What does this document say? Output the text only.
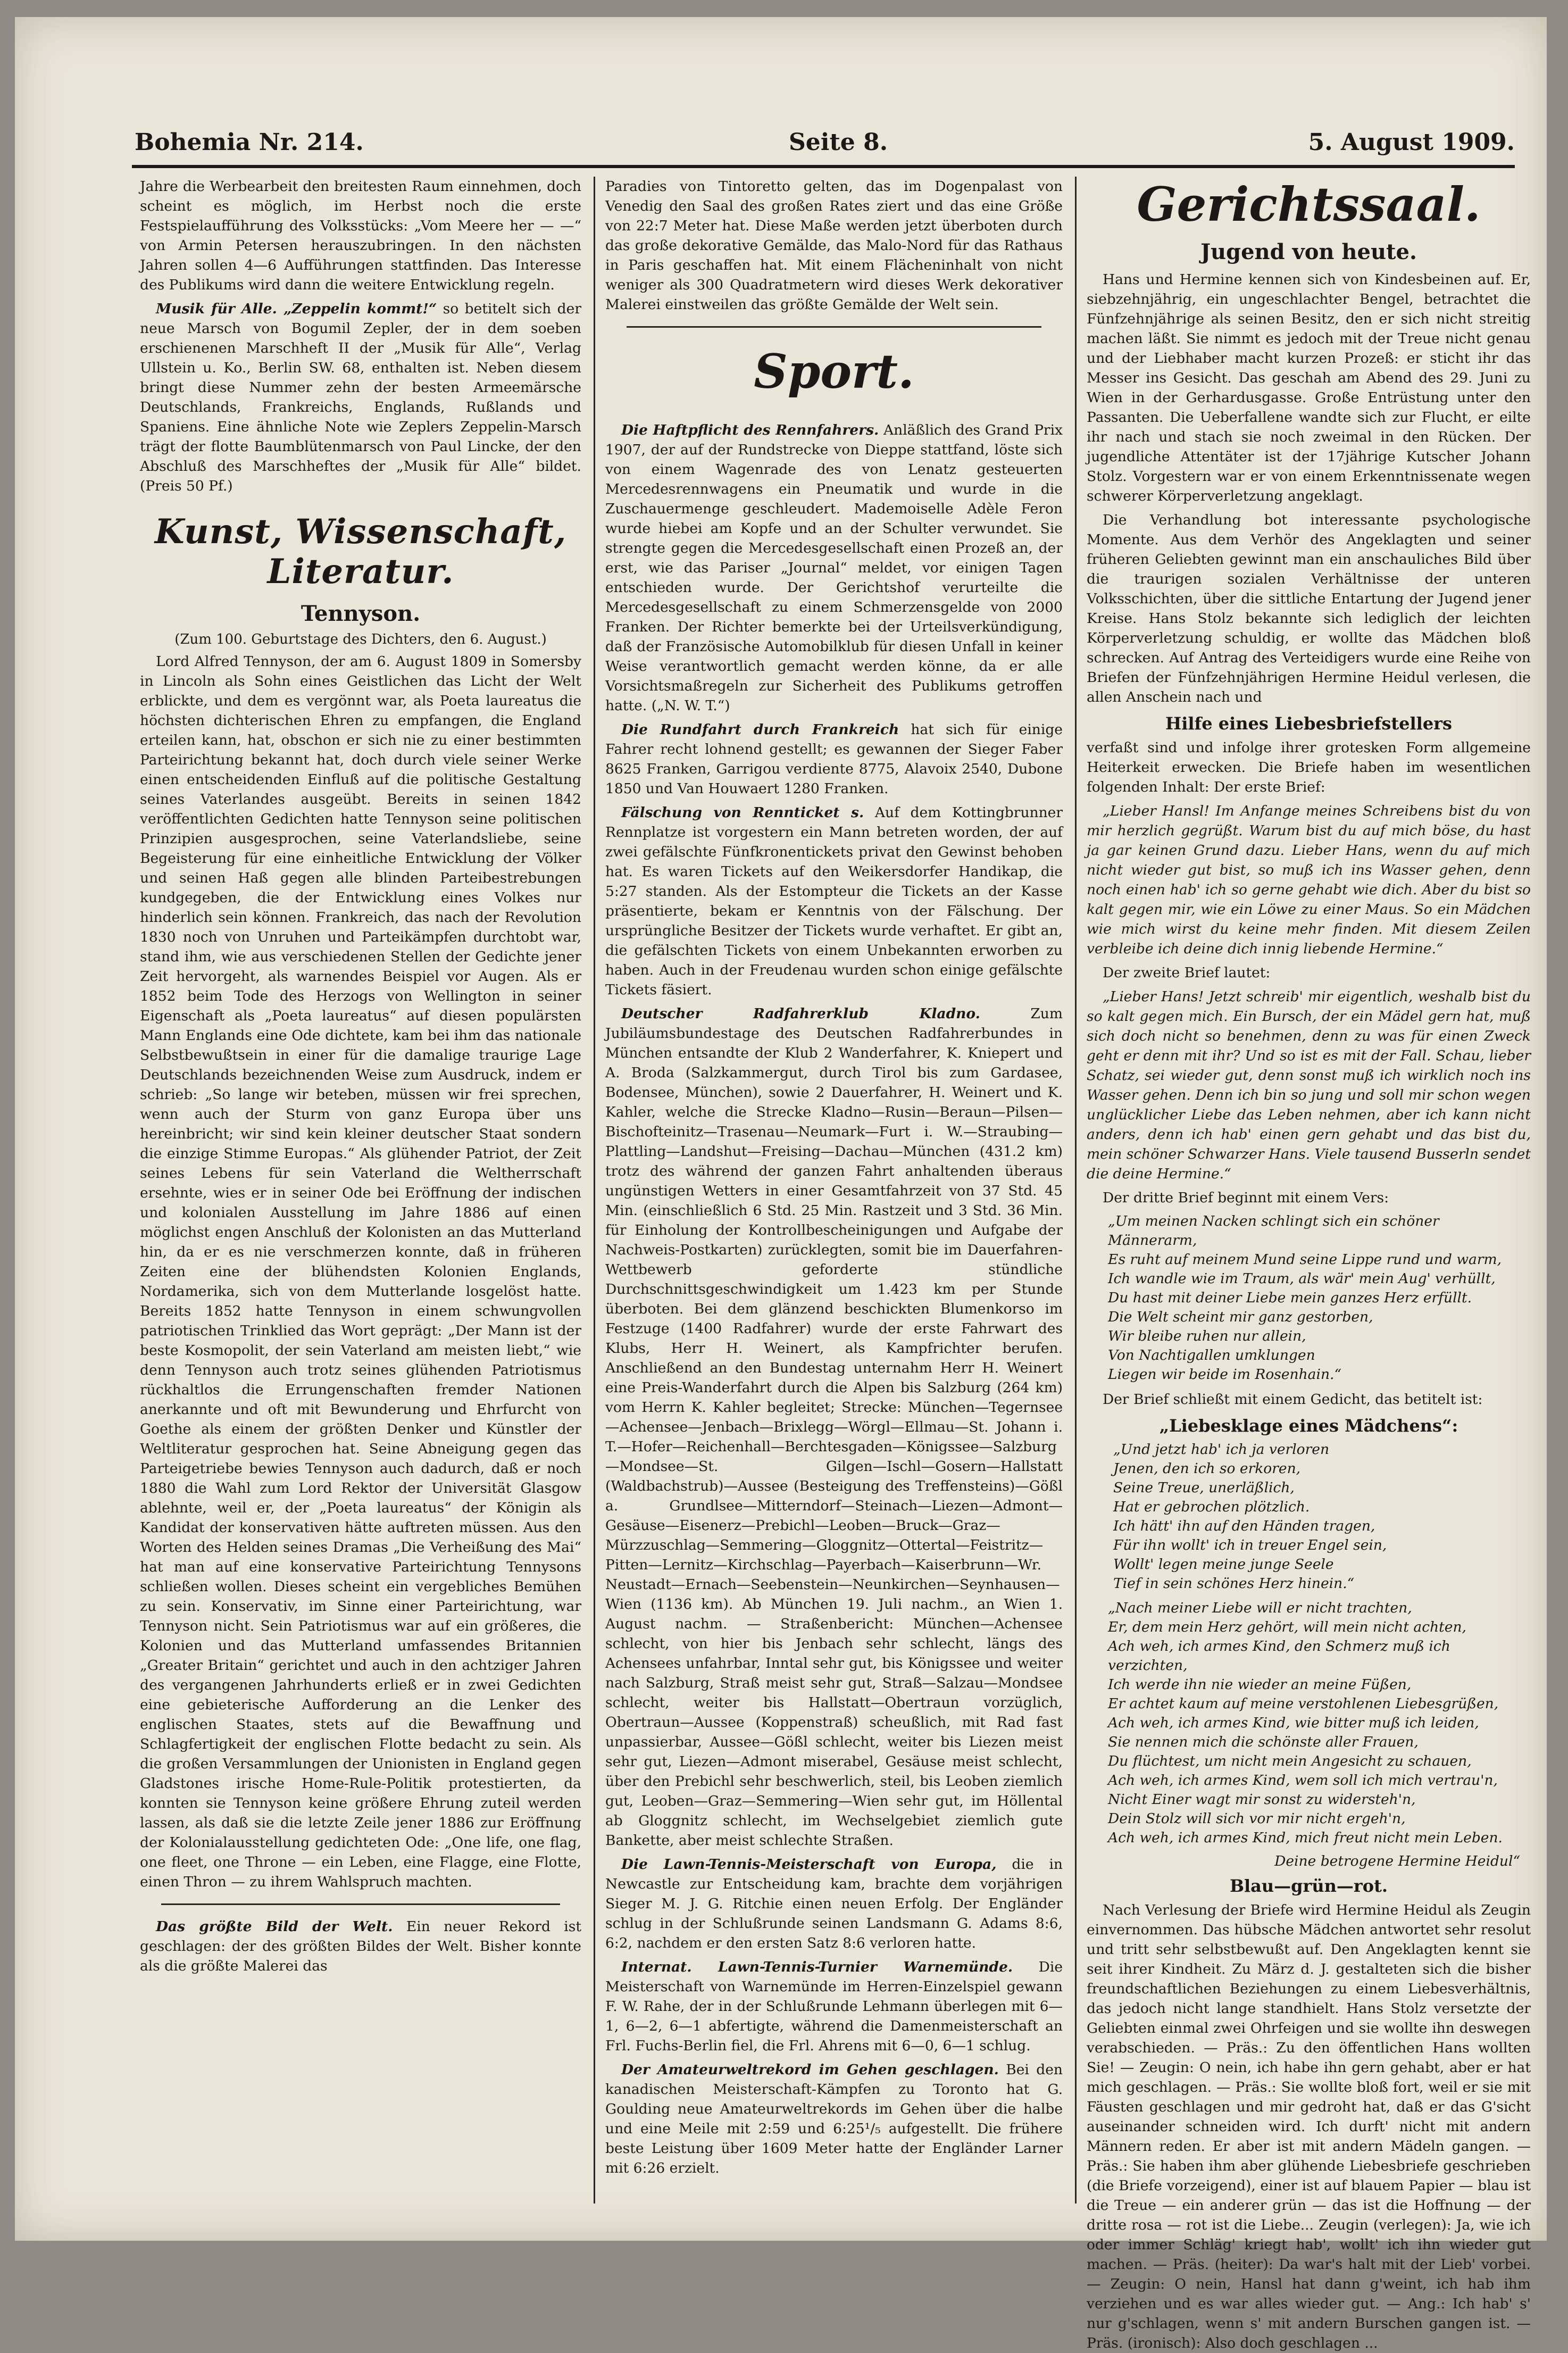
Bohemia Nr. 214.	Seite 8.	5. August 1909.

Jahre die Werbearbeit den breitesten Raum einnehmen, doch scheint es möglich, im Herbst noch die erste Festspielaufführung des Volksstücks: „Vom Meere her — —“ von Armin Petersen herauszubringen. In den nächsten Jahren sollen 4—6 Aufführungen stattfinden. Das Interesse des Publikums wird dann die weitere Entwicklung regeln.

Musik für Alle. „Zeppelin kommt!“ so betitelt sich der neue Marsch von Bogumil Zepler, der in dem soeben erschienenen Marschheft II der „Musik für Alle“, Verlag Ullstein u. Ko., Berlin SW. 68, enthalten ist. Neben diesem bringt diese Nummer zehn der besten Armeemärsche Deutschlands, Frankreichs, Englands, Rußlands und Spaniens. Eine ähnliche Note wie Zeplers Zeppelin-Marsch trägt der flotte Baumblütenmarsch von Paul Lincke, der den Abschluß des Marschheftes der „Musik für Alle“ bildet. (Preis 50 Pf.)

Kunst, Wissenschaft, Literatur.
Tennyson.
(Zum 100. Geburtstage des Dichters, den 6. August.)

Lord Alfred Tennyson, der am 6. August 1809 in Somersby in Lincoln als Sohn eines Geistlichen das Licht der Welt erblickte, und dem es vergönnt war, als Poeta laureatus die höchsten dichterischen Ehren zu empfangen, die England erteilen kann, hat, obschon er sich nie zu einer bestimmten Parteirichtung bekannt hat, doch durch viele seiner Werke einen entscheidenden Einfluß auf die politische Gestaltung seines Vaterlandes ausgeübt. Bereits in seinen 1842 veröffentlichten Gedichten hatte Tennyson seine politischen Prinzipien ausgesprochen, seine Vaterlandsliebe, seine Begeisterung für eine einheitliche Entwicklung der Völker und seinen Haß gegen alle blinden Parteibestrebungen kundgegeben, die der Entwicklung eines Volkes nur hinderlich sein können. Frankreich, das nach der Revolution 1830 noch von Unruhen und Parteikämpfen durchtobt war, stand ihm, wie aus verschiedenen Stellen der Gedichte jener Zeit hervorgeht, als warnendes Beispiel vor Augen. Als er 1852 beim Tode des Herzogs von Wellington in seiner Eigenschaft als „Poeta laureatus“ auf diesen populärsten Mann Englands eine Ode dichtete, kam bei ihm das nationale Selbstbewußtsein in einer für die damalige traurige Lage Deutschlands bezeichnenden Weise zum Ausdruck, indem er schrieb: „So lange wir beteben, müssen wir frei sprechen, wenn auch der Sturm von ganz Europa über uns hereinbricht; wir sind kein kleiner deutscher Staat sondern die einzige Stimme Europas.“ Als glühender Patriot, der Zeit seines Lebens für sein Vaterland die Weltherrschaft ersehnte, wies er in seiner Ode bei Eröffnung der indischen und kolonialen Ausstellung im Jahre 1886 auf einen möglichst engen Anschluß der Kolonisten an das Mutterland hin, da er es nie verschmerzen konnte, daß in früheren Zeiten eine der blühendsten Kolonien Englands, Nordamerika, sich von dem Mutterlande losgelöst hatte. Bereits 1852 hatte Tennyson in einem schwungvollen patriotischen Trinklied das Wort geprägt: „Der Mann ist der beste Kosmopolit, der sein Vaterland am meisten liebt,“ wie denn Tennyson auch trotz seines glühenden Patriotismus rückhaltlos die Errungenschaften fremder Nationen anerkannte und oft mit Bewunderung und Ehrfurcht von Goethe als einem der größten Denker und Künstler der Weltliteratur gesprochen hat. Seine Abneigung gegen das Parteigetriebe bewies Tennyson auch dadurch, daß er noch 1880 die Wahl zum Lord Rektor der Universität Glasgow ablehnte, weil er, der „Poeta laureatus“ der Königin als Kandidat der konservativen hätte auftreten müssen. Aus den Worten des Helden seines Dramas „Die Verheißung des Mai“ hat man auf eine konservative Parteirichtung Tennysons schließen wollen. Dieses scheint ein vergebliches Bemühen zu sein. Konservativ, im Sinne einer Parteirichtung, war Tennyson nicht. Sein Patriotismus war auf ein größeres, die Kolonien und das Mutterland umfassendes Britannien „Greater Britain“ gerichtet und auch in den achtziger Jahren des vergangenen Jahrhunderts erließ er in zwei Gedichten eine gebieterische Aufforderung an die Lenker des englischen Staates, stets auf die Bewaffnung und Schlagfertigkeit der englischen Flotte bedacht zu sein. Als die großen Versammlungen der Unionisten in England gegen Gladstones irische Home-Rule-Politik protestierten, da konnten sie Tennyson keine größere Ehrung zuteil werden lassen, als daß sie die letzte Zeile jener 1886 zur Eröffnung der Kolonialausstellung gedichteten Ode: „One life, one flag, one fleet, one Throne — ein Leben, eine Flagge, eine Flotte, einen Thron — zu ihrem Wahlspruch machten.

Das größte Bild der Welt. Ein neuer Rekord ist geschlagen: der des größten Bildes der Welt. Bisher konnte als die größte Malerei das

Paradies von Tintoretto gelten, das im Dogenpalast von Venedig den Saal des großen Rates ziert und das eine Größe von 22:7 Meter hat. Diese Maße werden jetzt überboten durch das große dekorative Gemälde, das Malo-Nord für das Rathaus in Paris geschaffen hat. Mit einem Flächeninhalt von nicht weniger als 300 Quadratmetern wird dieses Werk dekorativer Malerei einstweilen das größte Gemälde der Welt sein.

Sport.

Die Haftpflicht des Rennfahrers. Anläßlich des Grand Prix 1907, der auf der Rundstrecke von Dieppe stattfand, löste sich von einem Wagenrade des von Lenatz gesteuerten Mercedesrennwagens ein Pneumatik und wurde in die Zuschauermenge geschleudert. Mademoiselle Adèle Feron wurde hiebei am Kopfe und an der Schulter verwundet. Sie strengte gegen die Mercedesgesellschaft einen Prozeß an, der erst, wie das Pariser „Journal“ meldet, vor einigen Tagen entschieden wurde. Der Gerichtshof verurteilte die Mercedesgesellschaft zu einem Schmerzensgelde von 2000 Franken. Der Richter bemerkte bei der Urteilsverkündigung, daß der Französische Automobilklub für diesen Unfall in keiner Weise verantwortlich gemacht werden könne, da er alle Vorsichtsmaßregeln zur Sicherheit des Publikums getroffen hatte. („N. W. T.“)

Die Rundfahrt durch Frankreich hat sich für einige Fahrer recht lohnend gestellt; es gewannen der Sieger Faber 8625 Franken, Garrigou verdiente 8775, Alavoix 2540, Dubone 1850 und Van Houwaert 1280 Franken.

Fälschung von Rennticket s. Auf dem Kottingbrunner Rennplatze ist vorgestern ein Mann betreten worden, der auf zwei gefälschte Fünfkronentickets privat den Gewinst behoben hat. Es waren Tickets auf den Weikersdorfer Handikap, die 5:27 standen. Als der Estompteur die Tickets an der Kasse präsentierte, bekam er Kenntnis von der Fälschung. Der ursprüngliche Besitzer der Tickets wurde verhaftet. Er gibt an, die gefälschten Tickets von einem Unbekannten erworben zu haben. Auch in der Freudenau wurden schon einige gefälschte Tickets fäsiert.

Deutscher Radfahrerklub Kladno.	Zum Jubiläumsbundestage des Deutschen Radfahrerbundes in München entsandte der Klub 2 Wanderfahrer, K. Kniepert und A. Broda (Salzkammergut, durch Tirol bis zum Gardasee, Bodensee, München), sowie 2 Dauerfahrer, H. Weinert und K. Kahler, welche die Strecke Kladno—Rusin—Beraun—Pilsen—Bischofteinitz—Trasenau—Neumark—Furt i. W.—Straubing—Plattling—Landshut—Freising—Dachau—München (431.2 km) trotz des während der ganzen Fahrt anhaltenden überaus ungünstigen Wetters in einer Gesamtfahrzeit von 37 Std. 45 Min. (einschließlich 6 Std. 25 Min. Rastzeit und 3 Std. 36 Min. für Einholung der Kontrollbescheinigungen und Aufgabe der Nachweis-Postkarten) zurücklegten, somit bie im Dauerfahren-Wettbewerb geforderte stündliche Durchschnittsgeschwindigkeit um 1.423 km per Stunde überboten. Bei dem glänzend beschickten Blumenkorso im Festzuge (1400 Radfahrer) wurde der erste Fahrwart des Klubs, Herr H. Weinert, als Kampfrichter berufen. Anschließend an den Bundestag unternahm Herr H. Weinert eine Preis-Wanderfahrt durch die Alpen bis Salzburg (264 km) vom Herrn K. Kahler begleitet; Strecke: München—Tegernsee—Achensee—Jenbach—Brixlegg—Wörgl—Ellmau—St. Johann i. T.—Hofer—Reichenhall—Berchtesgaden—Königssee—Salzburg—Mondsee—St. Gilgen—Ischl—Gosern—Hallstatt (Waldbachstrub)—Aussee (Besteigung des Treffensteins)—Gößl a. Grundlsee—Mitterndorf—Steinach—Liezen—Admont—Gesäuse—Eisenerz—Prebichl—Leoben—Bruck—Graz—Mürzzuschlag—Semmering—Gloggnitz—Ottertal—Feistritz—Pitten—Lernitz—Kirchschlag—Payerbach—Kaiserbrunn—Wr. Neustadt—Ernach—Seebenstein—Neunkirchen—Seynhausen—Wien (1136 km). Ab München 19. Juli nachm., an Wien 1. August nachm. — Straßenbericht: München—Achensee schlecht, von hier bis Jenbach sehr schlecht, längs des Achensees unfahrbar, Inntal sehr gut, bis Königssee und weiter nach Salzburg, Straß meist sehr gut, Straß—Salzau—Mondsee schlecht, weiter bis Hallstatt—Obertraun vorzüglich, Obertraun—Aussee (Koppenstraß) scheußlich, mit Rad fast unpassierbar, Aussee—Gößl schlecht, weiter bis Liezen meist sehr gut, Liezen—Admont miserabel, Gesäuse meist schlecht, über den Prebichl sehr beschwerlich, steil, bis Leoben ziemlich gut, Leoben—Graz—Semmering—Wien sehr gut, im Höllental ab Gloggnitz schlecht, im Wechselgebiet ziemlich gute Bankette, aber meist schlechte Straßen.

Die Lawn-Tennis-Meisterschaft von Europa, die in Newcastle zur Entscheidung kam, brachte dem vorjährigen Sieger M. J. G. Ritchie einen neuen Erfolg. Der Engländer schlug in der Schlußrunde seinen Landsmann G. Adams 8:6, 6:2, nachdem er den ersten Satz 8:6 verloren hatte.

Internat. Lawn-Tennis-Turnier Warnemünde. Die Meisterschaft von Warnemünde im Herren-Einzelspiel gewann F. W. Rahe, der in der Schlußrunde Lehmann überlegen mit 6—1, 6—2, 6—1 abfertigte, während die Damenmeisterschaft an Frl. Fuchs-Berlin fiel, die Frl. Ahrens mit 6—0, 6—1 schlug.

Der Amateurweltrekord im Gehen geschlagen. Bei den kanadischen Meisterschaft-Kämpfen zu Toronto hat G. Goulding neue Amateurweltrekords im Gehen über die halbe und eine Meile mit 2:59 und 6:25¹/₅ aufgestellt. Die frühere beste Leistung über 1609 Meter hatte der Engländer Larner mit 6:26 erzielt.

Gerichtssaal.
Jugend von heute.

Hans und Hermine kennen sich von Kindesbeinen auf. Er, siebzehnjährig, ein ungeschlachter Bengel, betrachtet die Fünfzehnjährige als seinen Besitz, den er sich nicht streitig machen läßt. Sie nimmt es jedoch mit der Treue nicht genau und der Liebhaber macht kurzen Prozeß: er sticht ihr das Messer ins Gesicht. Das geschah am Abend des 29. Juni zu Wien in der Gerhardusgasse. Große Entrüstung unter den Passanten. Die Ueberfallene wandte sich zur Flucht, er eilte ihr nach und stach sie noch zweimal in den Rücken. Der jugendliche Attentäter ist der 17jährige Kutscher Johann Stolz. Vorgestern war er von einem Erkenntnissenate wegen schwerer Körperverletzung angeklagt.

Die Verhandlung bot interessante psychologische Momente. Aus dem Verhör des Angeklagten und seiner früheren Geliebten gewinnt man ein anschauliches Bild über die traurigen sozialen Verhältnisse der unteren Volksschichten, über die sittliche Entartung der Jugend jener Kreise. Hans Stolz bekannte sich lediglich der leichten Körperverletzung schuldig, er wollte das Mädchen bloß schrecken. Auf Antrag des Verteidigers wurde eine Reihe von Briefen der Fünfzehnjährigen Hermine Heidul verlesen, die allen Anschein nach und

Hilfe eines Liebesbriefstellers

verfaßt sind und infolge ihrer grotesken Form allgemeine Heiterkeit erwecken. Die Briefe haben im wesentlichen folgenden Inhalt: Der erste Brief:

„Lieber Hansl! Im Anfange meines Schreibens bist du von mir herzlich gegrüßt. Warum bist du auf mich böse, du hast ja gar keinen Grund dazu. Lieber Hans, wenn du auf mich nicht wieder gut bist, so muß ich ins Wasser gehen, denn noch einen hab' ich so gerne gehabt wie dich. Aber du bist so kalt gegen mir, wie ein Löwe zu einer Maus. So ein Mädchen wie mich wirst du keine mehr finden. Mit diesem Zeilen verbleibe ich deine dich innig liebende Hermine.“

Der zweite Brief lautet:

„Lieber Hans! Jetzt schreib' mir eigentlich, weshalb bist du so kalt gegen mich. Ein Bursch, der ein Mädel gern hat, muß sich doch nicht so benehmen, denn zu was für einen Zweck geht er denn mit ihr? Und so ist es mit der Fall. Schau, lieber Schatz, sei wieder gut, denn sonst muß ich wirklich noch ins Wasser gehen. Denn ich bin so jung und soll mir schon wegen unglücklicher Liebe das Leben nehmen, aber ich kann nicht anders, denn ich hab' einen gern gehabt und das bist du, mein schöner Schwarzer Hans. Viele tausend Busserln sendet die deine Hermine.“

Der dritte Brief beginnt mit einem Vers:

„Um meinen Nacken schlingt sich ein schöner Männerarm,
Es ruht auf meinem Mund seine Lippe rund und warm,
Ich wandle wie im Traum, als wär' mein Aug' verhüllt,
Du hast mit deiner Liebe mein ganzes Herz erfüllt.
Die Welt scheint mir ganz gestorben,
Wir bleibe ruhen nur allein,
Von Nachtigallen umklungen
Liegen wir beide im Rosenhain.“

Der Brief schließt mit einem Gedicht, das betitelt ist:

„Liebesklage eines Mädchens“:
„Und jetzt hab' ich ja verloren
Jenen, den ich so erkoren,
Seine Treue, unerläßlich,
Hat er gebrochen plötzlich.
Ich hätt' ihn auf den Händen tragen,
Für ihn wollt' ich in treuer Engel sein,
Wollt' legen meine junge Seele
Tief in sein schönes Herz hinein.“
„Nach meiner Liebe will er nicht trachten,
Er, dem mein Herz gehört, will mein nicht achten,
Ach weh, ich armes Kind, den Schmerz muß ich verzichten,
Ich werde ihn nie wieder an meine Füßen,
Er achtet kaum auf meine verstohlenen Liebesgrüßen,
Ach weh, ich armes Kind, wie bitter muß ich leiden,
Sie nennen mich die schönste aller Frauen,
Du flüchtest, um nicht mein Angesicht zu schauen,
Ach weh, ich armes Kind, wem soll ich mich vertrau'n,
Nicht Einer wagt mir sonst zu widersteh'n,
Dein Stolz will sich vor mir nicht ergeh'n,
Ach weh, ich armes Kind, mich freut nicht mein Leben.
Deine betrogene Hermine Heidul“
Blau—grün—rot.

Nach Verlesung der Briefe wird Hermine Heidul als Zeugin einvernommen. Das hübsche Mädchen antwortet sehr resolut und tritt sehr selbstbewußt auf. Den Angeklagten kennt sie seit ihrer Kindheit. Zu März d. J. gestalteten sich die bisher freundschaftlichen Beziehungen zu einem Liebesverhältnis, das jedoch nicht lange standhielt. Hans Stolz versetzte der Geliebten einmal zwei Ohrfeigen und sie wollte ihn deswegen verabschieden. — Präs.: Zu den öffentlichen Hans wollten Sie! — Zeugin: O nein, ich habe ihn gern gehabt, aber er hat mich geschlagen. — Präs.: Sie wollte bloß fort, weil er sie mit Fäusten geschlagen und mir gedroht hat, daß er das G'sicht auseinander schneiden wird. Ich durft' nicht mit andern Männern reden. Er aber ist mit andern Mädeln gangen. — Präs.: Sie haben ihm aber glühende Liebesbriefe geschrieben (die Briefe vorzeigend), einer ist auf blauem Papier — blau ist die Treue — ein anderer grün — das ist die Hoffnung — der dritte rosa — rot ist die Liebe... Zeugin (verlegen): Ja, wie ich oder immer Schläg' kriegt hab', wollt' ich ihn wieder gut machen. — Präs. (heiter): Da war's halt mit der Lieb' vorbei. — Zeugin: O nein, Hansl hat dann g'weint, ich hab ihm verziehen und es war alles wieder gut. — Ang.: Ich hab' s' nur g'schlagen, wenn s' mit andern Burschen gangen ist. — Präs. (ironisch): Also doch geschlagen ...
